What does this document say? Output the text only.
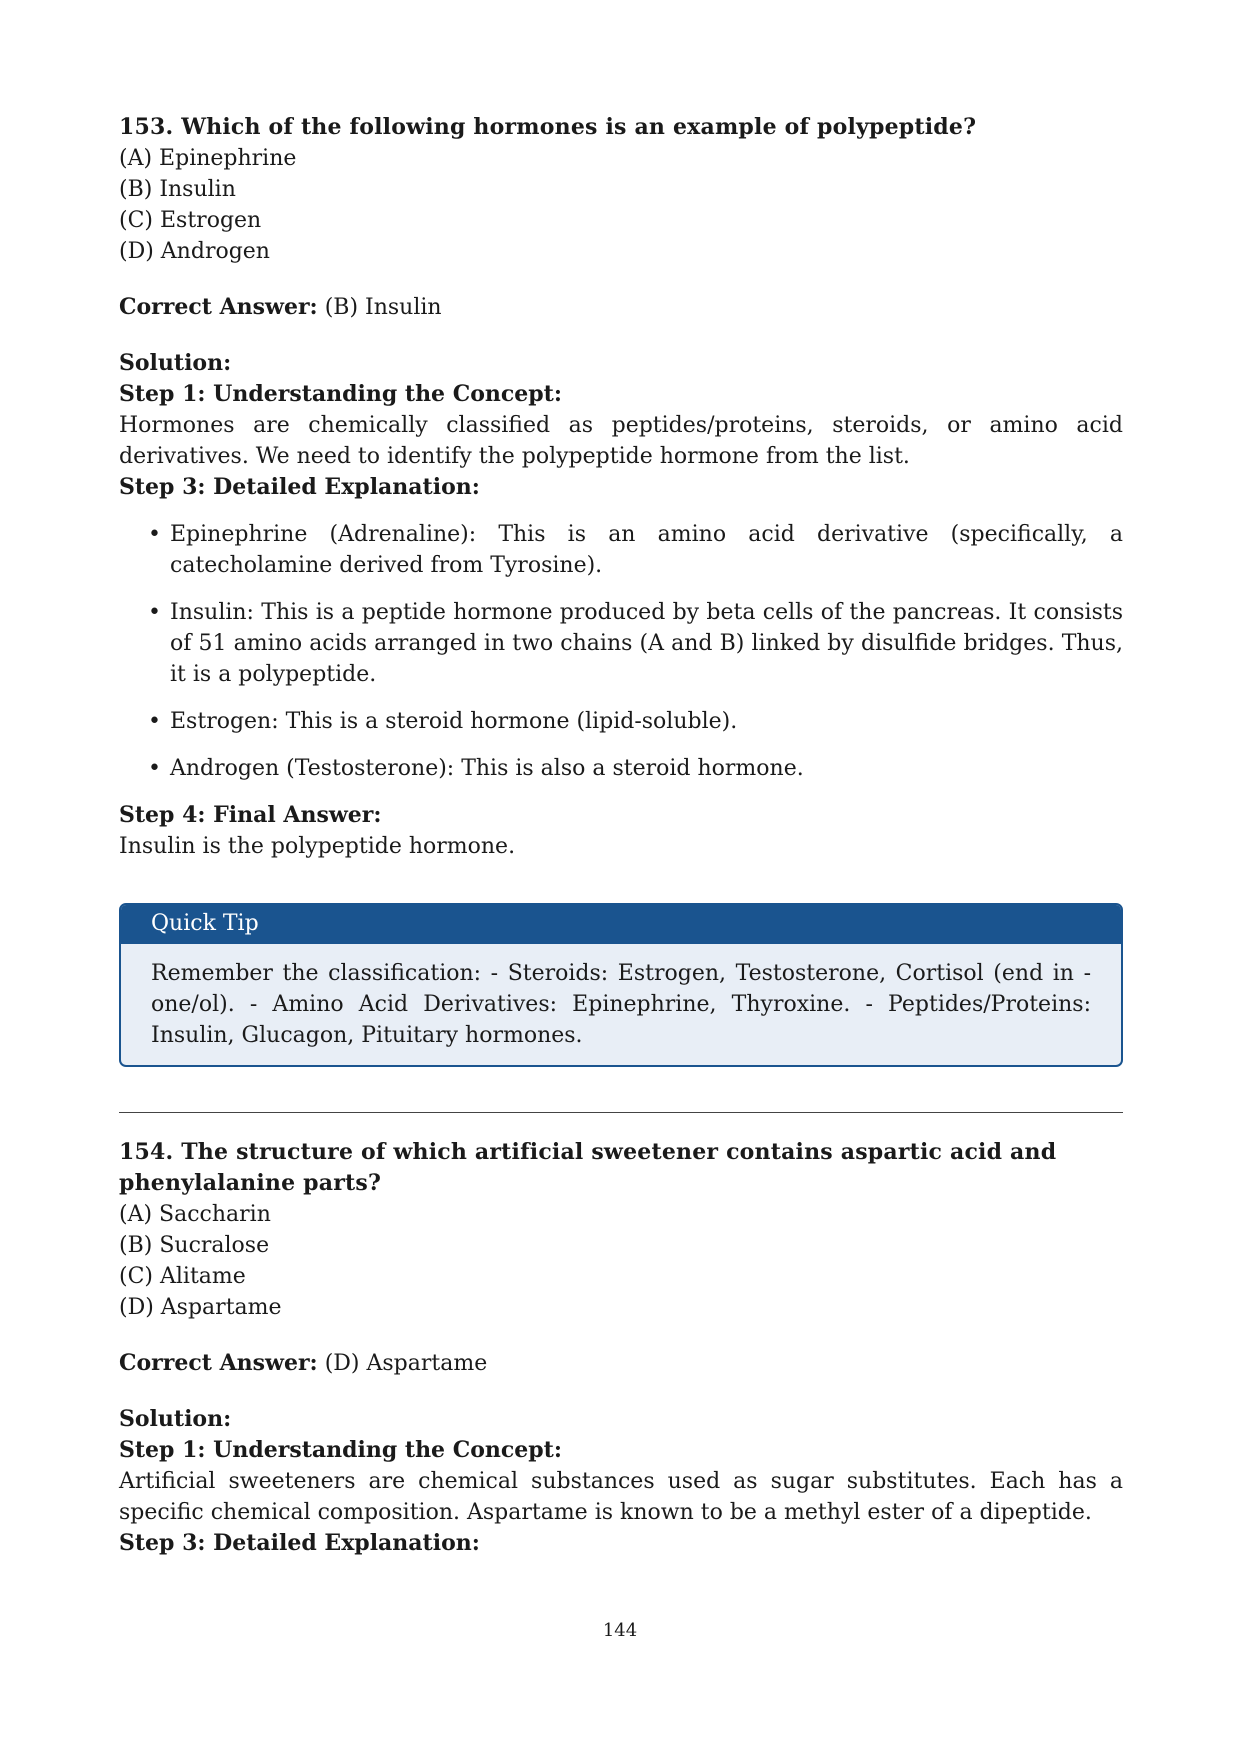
153. Which of the following hormones is an example of polypeptide?
(A) Epinephrine
(B) Insulin
(C) Estrogen
(D) Androgen
Correct Answer: (B) Insulin
Solution:
Step 1: Understanding the Concept:
Hormones are chemically classified as peptides/proteins, steroids, or amino acid derivatives. We need to identify the polypeptide hormone from the list.
Step 3: Detailed Explanation:
• Epinephrine (Adrenaline): This is an amino acid derivative (specifically, a catecholamine derived from Tyrosine).
• Insulin: This is a peptide hormone produced by beta cells of the pancreas. It consists of 51 amino acids arranged in two chains (A and B) linked by disulfide bridges. Thus, it is a polypeptide.
• Estrogen: This is a steroid hormone (lipid-soluble).
• Androgen (Testosterone): This is also a steroid hormone.
Step 4: Final Answer:
Insulin is the polypeptide hormone.
Quick Tip
Remember the classification: - Steroids: Estrogen, Testosterone, Cortisol (end in -one/ol). - Amino Acid Derivatives: Epinephrine, Thyroxine. - Peptides/Proteins: Insulin, Glucagon, Pituitary hormones.
154. The structure of which artificial sweetener contains aspartic acid and phenylalanine parts?
(A) Saccharin
(B) Sucralose
(C) Alitame
(D) Aspartame
Correct Answer: (D) Aspartame
Solution:
Step 1: Understanding the Concept:
Artificial sweeteners are chemical substances used as sugar substitutes. Each has a specific chemical composition. Aspartame is known to be a methyl ester of a dipeptide.
Step 3: Detailed Explanation:
144
